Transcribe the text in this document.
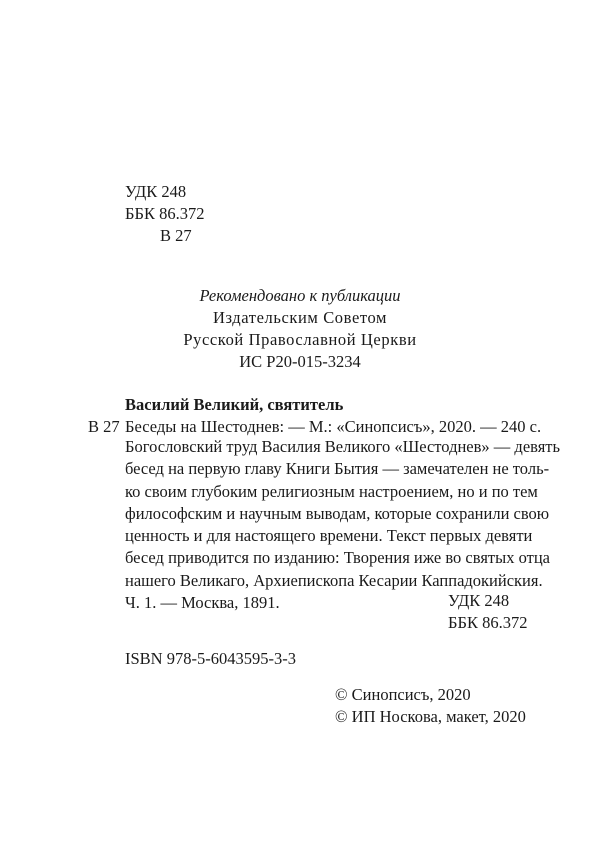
УДК 248
ББК 86.372
В 27
Рекомендовано к публикации
Издательским Советом
Русской Православной Церкви
ИС Р20-015-3234
Василий Великий, святитель
В 27 Беседы на Шестоднев: — М.: «Синопсисъ», 2020. — 240 с.
Богословский труд Василия Великого «Шестоднев» — девять
бесед на первую главу Книги Бытия — замечателен не толь-
ко своим глубоким религиозным настроением, но и по тем
философским и научным выводам, которые сохранили свою
ценность и для настоящего времени. Текст первых девяти
бесед приводится по изданию: Творения иже во святых отца
нашего Великаго, Архиепископа Кесарии Каппадокийския.
Ч. 1. — Москва, 1891.	УДК 248
ББК 86.372
ISBN 978-5-6043595-3-3
© Синопсисъ, 2020
© ИП Носкова, макет, 2020
